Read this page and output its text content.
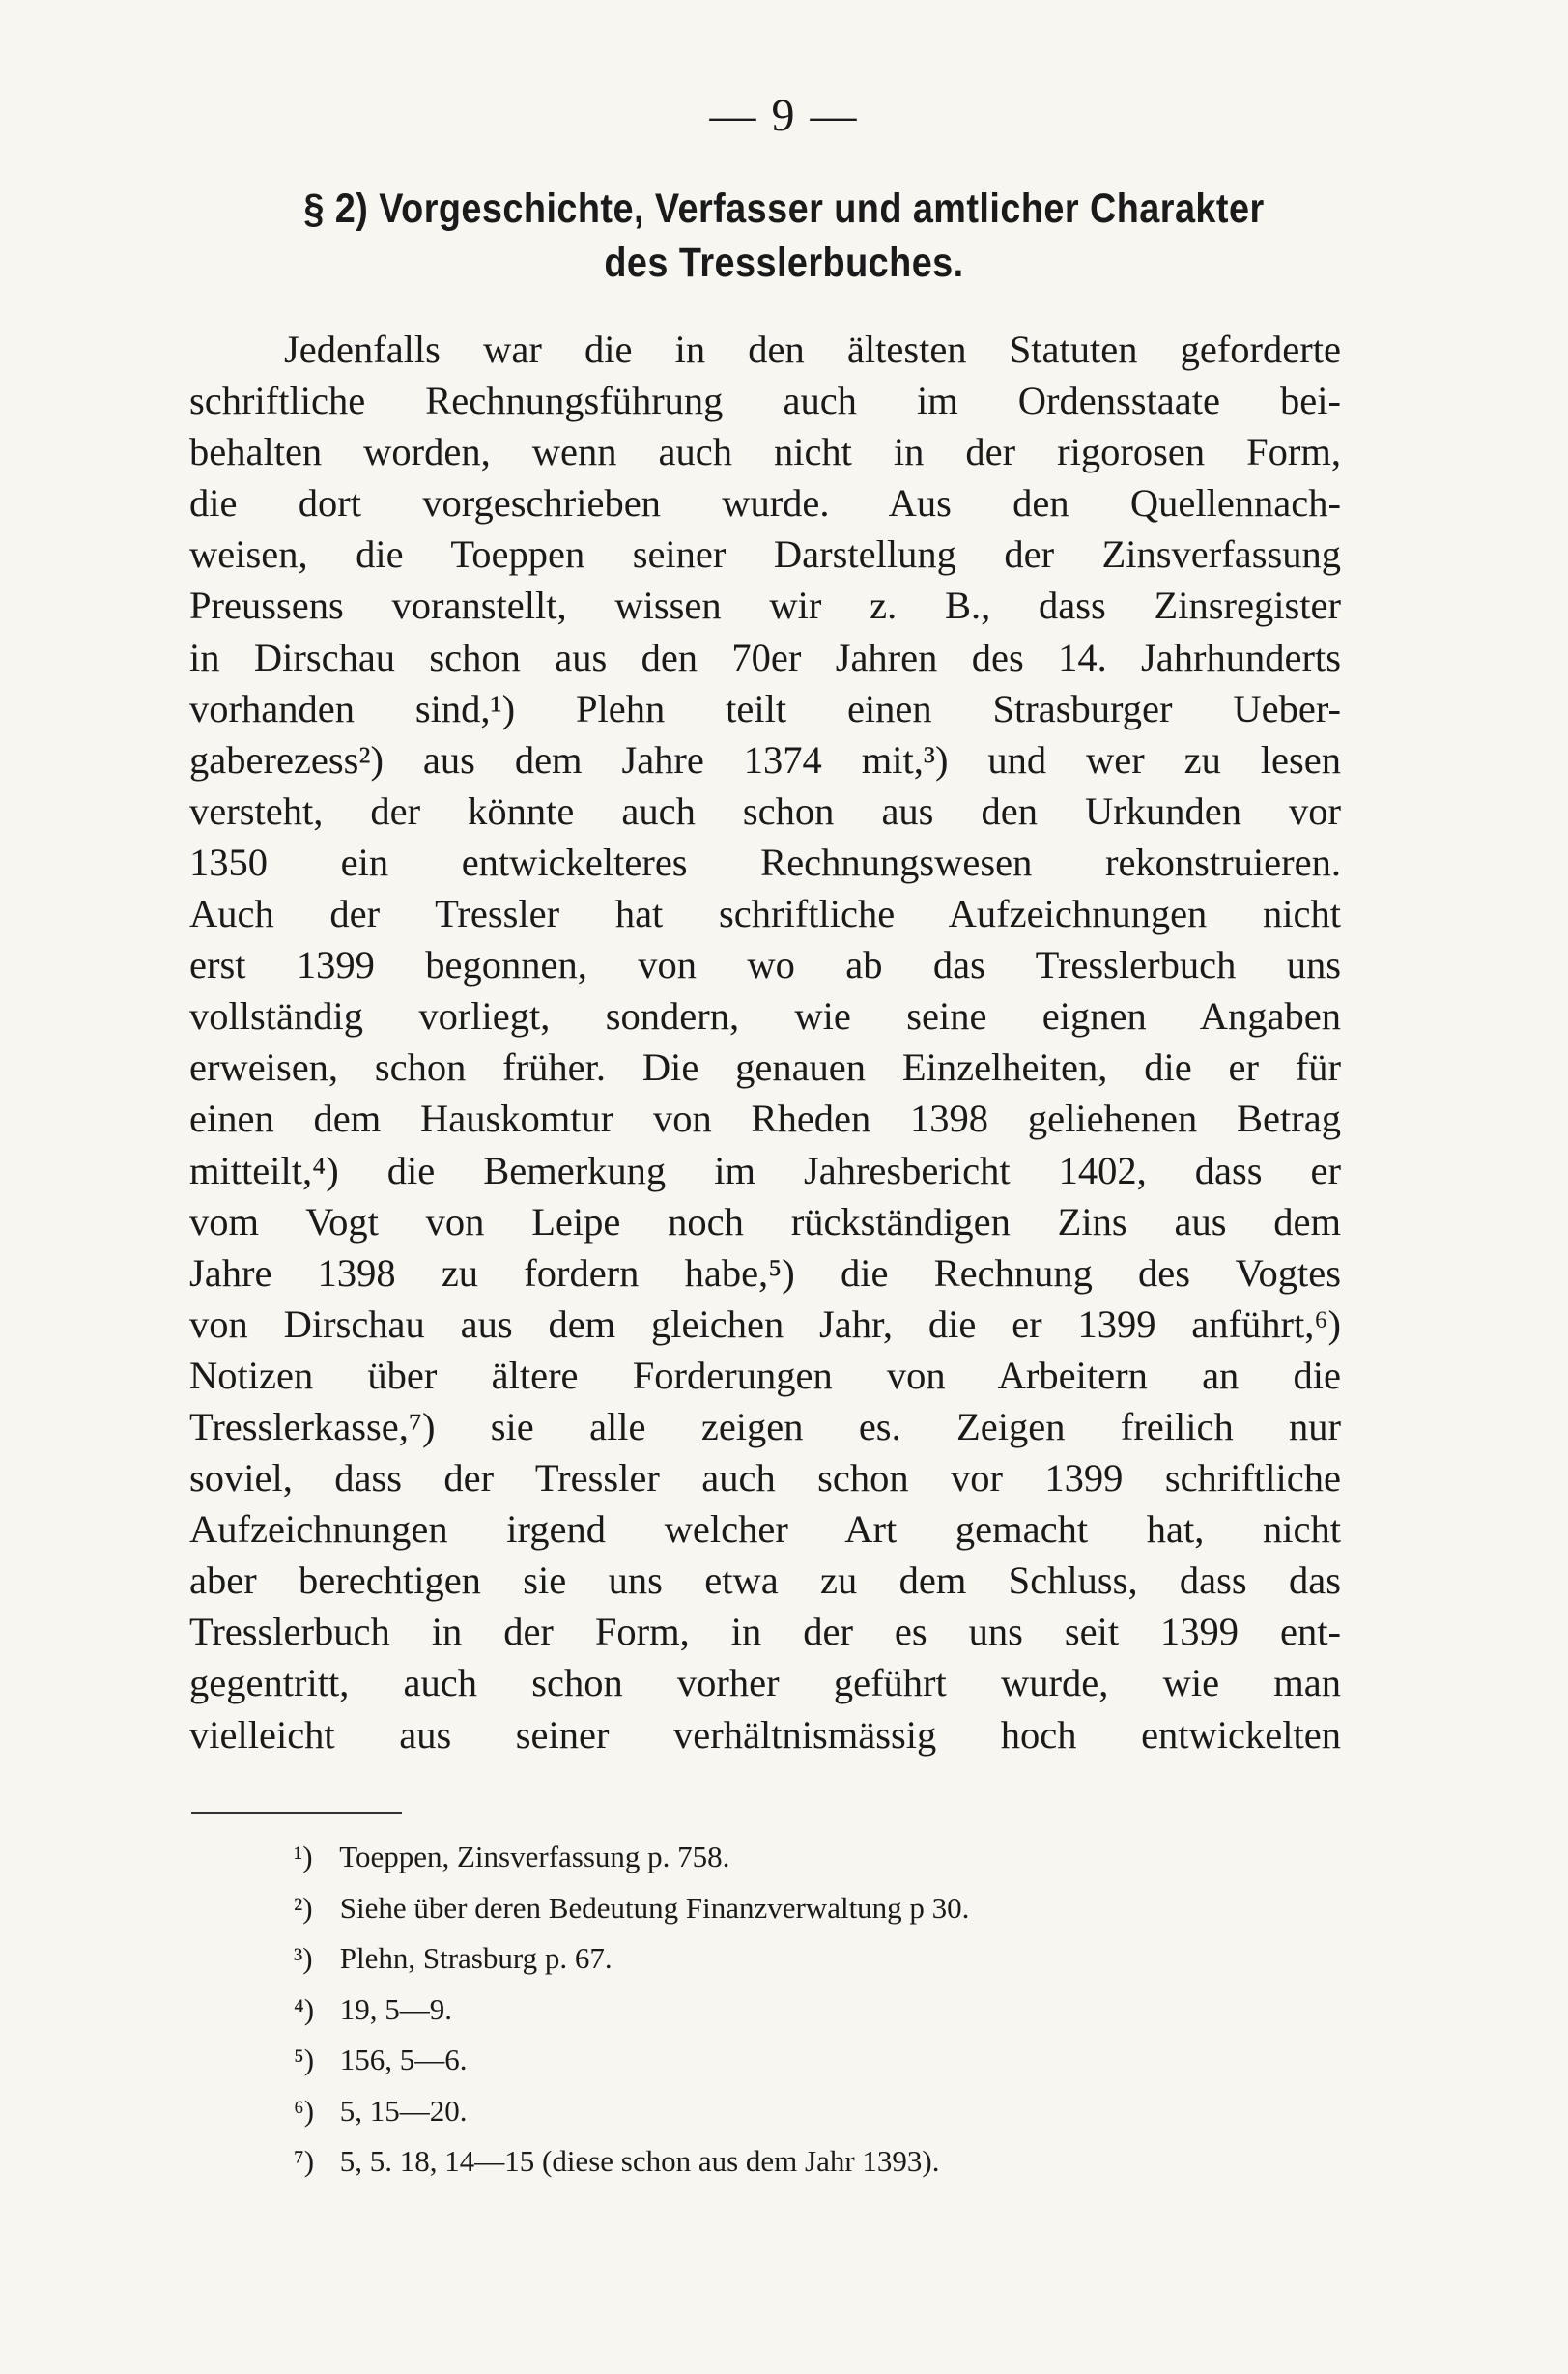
— 9 —
§ 2) Vorgeschichte, Verfasser und amtlicher Charakter
des Tresslerbuches.
Jedenfalls war die in den ältesten Statuten geforderte
schriftliche Rechnungsführung auch im Ordensstaate bei-
behalten worden, wenn auch nicht in der rigorosen Form,
die dort vorgeschrieben wurde. Aus den Quellennach-
weisen, die Toeppen seiner Darstellung der Zinsverfassung
Preussens voranstellt, wissen wir z. B., dass Zinsregister
in Dirschau schon aus den 70er Jahren des 14. Jahrhunderts
vorhanden sind,¹) Plehn teilt einen Strasburger Ueber-
gaberezess²) aus dem Jahre 1374 mit,³) und wer zu lesen
versteht, der könnte auch schon aus den Urkunden vor
1350 ein entwickelteres Rechnungswesen rekonstruieren.
Auch der Tressler hat schriftliche Aufzeichnungen nicht
erst 1399 begonnen, von wo ab das Tresslerbuch uns
vollständig vorliegt, sondern, wie seine eignen Angaben
erweisen, schon früher. Die genauen Einzelheiten, die er für
einen dem Hauskomtur von Rheden 1398 geliehenen Betrag
mitteilt,⁴) die Bemerkung im Jahresbericht 1402, dass er
vom Vogt von Leipe noch rückständigen Zins aus dem
Jahre 1398 zu fordern habe,⁵) die Rechnung des Vogtes
von Dirschau aus dem gleichen Jahr, die er 1399 anführt,⁶)
Notizen über ältere Forderungen von Arbeitern an die
Tresslerkasse,⁷) sie alle zeigen es. Zeigen freilich nur
soviel, dass der Tressler auch schon vor 1399 schriftliche
Aufzeichnungen irgend welcher Art gemacht hat, nicht
aber berechtigen sie uns etwa zu dem Schluss, dass das
Tresslerbuch in der Form, in der es uns seit 1399 ent-
gegentritt, auch schon vorher geführt wurde, wie man
vielleicht aus seiner verhältnismässig hoch entwickelten
¹) Toeppen, Zinsverfassung p. 758.
²) Siehe über deren Bedeutung Finanzverwaltung p 30.
³) Plehn, Strasburg p. 67.
⁴) 19, 5—9.
⁵) 156, 5—6.
⁶) 5, 15—20.
⁷) 5, 5. 18, 14—15 (diese schon aus dem Jahr 1393).
